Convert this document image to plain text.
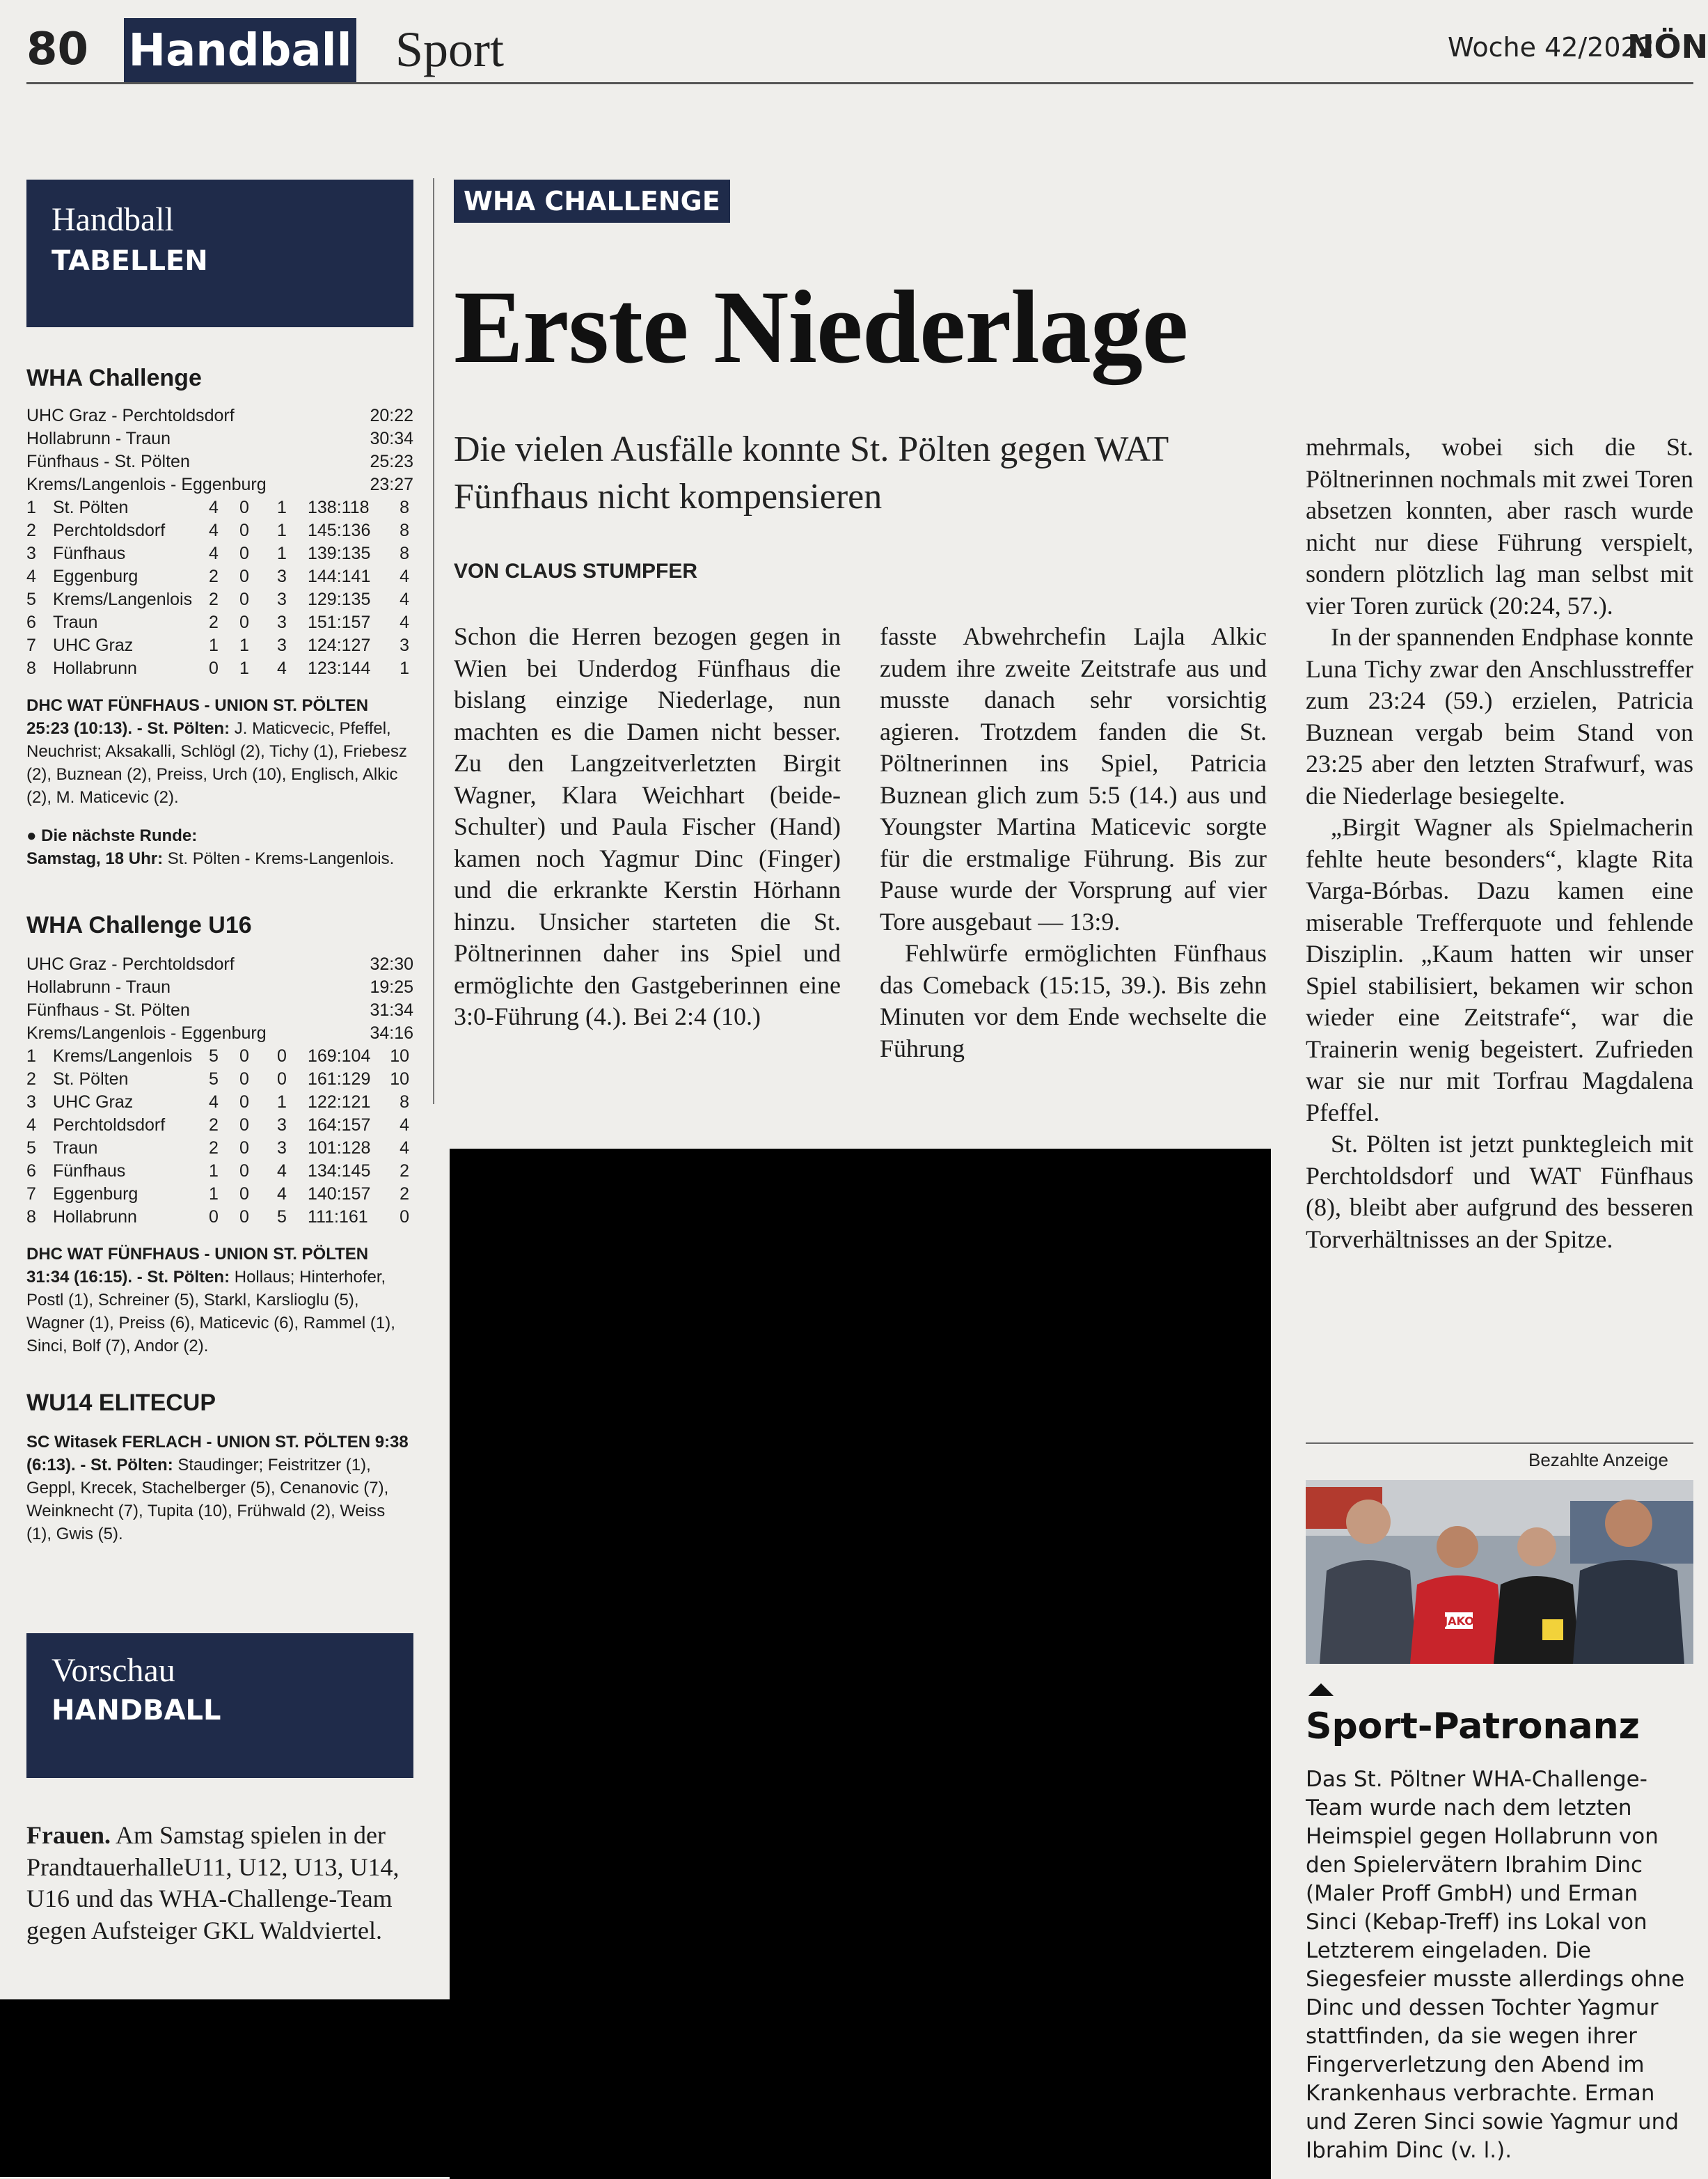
80 Handball Sport	Woche 42/2022
NÖN
Handball
TABELLEN
WHA Challenge
UHC Graz - Perchtoldsdorf	20:22
Hollabrunn - Traun	30:34
Fünfhaus - St. Pölten	25:23
Krems/Langenlois - Eggenburg	23:27
1 St. Pölten	4 0 1 138:118 8
2 Perchtoldsdorf	4 0 1 145:136 8
3 Fünfhaus	4 0 1 139:135 8
4 Eggenburg	2 0 3 144:141 4
5 Krems/Langenlois 2 0 3 129:135 4
6 Traun	2 0 3 151:157 4
7 UHC Graz	1 1 3 124:127 3
8 Hollabrunn	0 1 4 123:144 1
DHC WAT FÜNFHAUS - UNION ST. PÖLTEN 25:23 (10:13). - St. Pölten: J. Maticvecic, Pfeffel, Neuchrist; Aksakalli, Schlögl (2), Tichy (1), Friebesz (2), Buznean (2), Preiss, Urch (10), Englisch, Alkic (2), M. Maticevic (2).
● Die nächste Runde:
Samstag, 18 Uhr: St. Pölten - Krems-Langenlois.
WHA Challenge U16
UHC Graz - Perchtoldsdorf	32:30
Hollabrunn - Traun	19:25
Fünfhaus - St. Pölten	31:34
Krems/Langenlois - Eggenburg	34:16
1 Krems/Langenlois 5 0 0 169:104 10
2 St. Pölten	5 0 0 161:129 10
3 UHC Graz	4 0 1 122:121 8
4 Perchtoldsdorf	2 0 3 164:157 4
5 Traun	2 0 3 101:128 4
6 Fünfhaus	1 0 4 134:145 2
7 Eggenburg	1 0 4 140:157 2
8 Hollabrunn	0 0 5 111:161 0
DHC WAT FÜNFHAUS - UNION ST. PÖLTEN 31:34 (16:15). - St. Pölten: Hollaus; Hinterhofer, Postl (1), Schreiner (5), Starkl, Karslioglu (5), Wagner (1), Preiss (6), Maticevic (6), Rammel (1), Sinci, Bolf (7), Andor (2).
WU14 ELITECUP
SC Witasek FERLACH - UNION ST. PÖLTEN 9:38 (6:13). - St. Pölten: Staudinger; Feistritzer (1), Geppl, Krecek, Stachelberger (5), Cenanovic (7), Weinknecht (7), Tupita (10), Frühwald (2), Weiss (1), Gwis (5).
Vorschau
HANDBALL
Frauen. Am Samstag spielen in der PrandtauerhalleU11, U12, U13, U14, U16 und das WHA-Challenge-Team gegen Aufsteiger GKL Waldviertel.
WHA CHALLENGE
Erste Niederlage
Die vielen Ausfälle konnte St. Pölten gegen WAT Fünfhaus nicht kompensieren
VON CLAUS STUMPFER

Schon die Herren bezogen gegen in Wien bei Underdog Fünfhaus die bislang einzige Niederlage, nun machten es die Damen nicht besser. Zu den Langzeitverletzten Birgit Wagner, Klara Weichhart (beide-Schulter) und Paula Fischer (Hand) kamen noch Yagmur Dinc (Finger) und die erkrankte Kerstin Hörhann hinzu. Unsicher starteten die St. Pöltnerinnen daher ins Spiel und ermöglichte den Gastgeberinnen eine 3:0-Führung (4.). Bei 2:4 (10.)

fasste Abwehrchefin Lajla Alkic zudem ihre zweite Zeitstrafe aus und musste danach sehr vorsichtig agieren. Trotzdem fanden die St. Pöltnerinnen ins Spiel, Patricia Buznean glich zum 5:5 (14.) aus und Youngster Martina Maticevic sorgte für die erstmalige Führung. Bis zur Pause wurde der Vorsprung auf vier Tore ausgebaut — 13:9.

Fehlwürfe ermöglichten Fünfhaus das Comeback (15:15, 39.). Bis zehn Minuten vor dem Ende wechselte die Führung

mehrmals, wobei sich die St. Pöltnerinnen nochmals mit zwei Toren absetzen konnten, aber rasch wurde nicht nur diese Führung verspielt, sondern plötzlich lag man selbst mit vier Toren zurück (20:24, 57.).

In der spannenden Endphase konnte Luna Tichy zwar den Anschlusstreffer zum 23:24 (59.) erzielen, Patricia Buznean vergab beim Stand von 23:25 aber den letzten Strafwurf, was die Niederlage besiegelte.

„Birgit Wagner als Spielmacherin fehlte heute besonders“, klagte Rita Varga-Bórbas. Dazu kamen eine miserable Trefferquote und fehlende Disziplin. „Kaum hatten wir unser Spiel stabilisiert, bekamen wir schon wieder eine Zeitstrafe“, war die Trainerin wenig begeistert. Zufrieden war sie nur mit Torfrau Magdalena Pfeffel.

St. Pölten ist jetzt punktegleich mit Perchtoldsdorf und WAT Fünfhaus (8), bleibt aber aufgrund des besseren Torverhältnisses an der Spitze.

Bezahlte Anzeige
JAKO
Sport-Patronanz
Das St. Pöltner WHA-Challenge-Team wurde nach dem letzten Heimspiel gegen Hollabrunn von den Spielervätern Ibrahim Dinc (Maler Proff GmbH) und Erman Sinci (Kebap-Treff) ins Lokal von Letzterem eingeladen. Die Siegesfeier musste allerdings ohne Dinc und dessen Tochter Yagmur stattfinden, da sie wegen ihrer Fingerverletzung den Abend im Krankenhaus verbrachte. Erman und Zeren Sinci sowie Yagmur und Ibrahim Dinc (v. l.).
